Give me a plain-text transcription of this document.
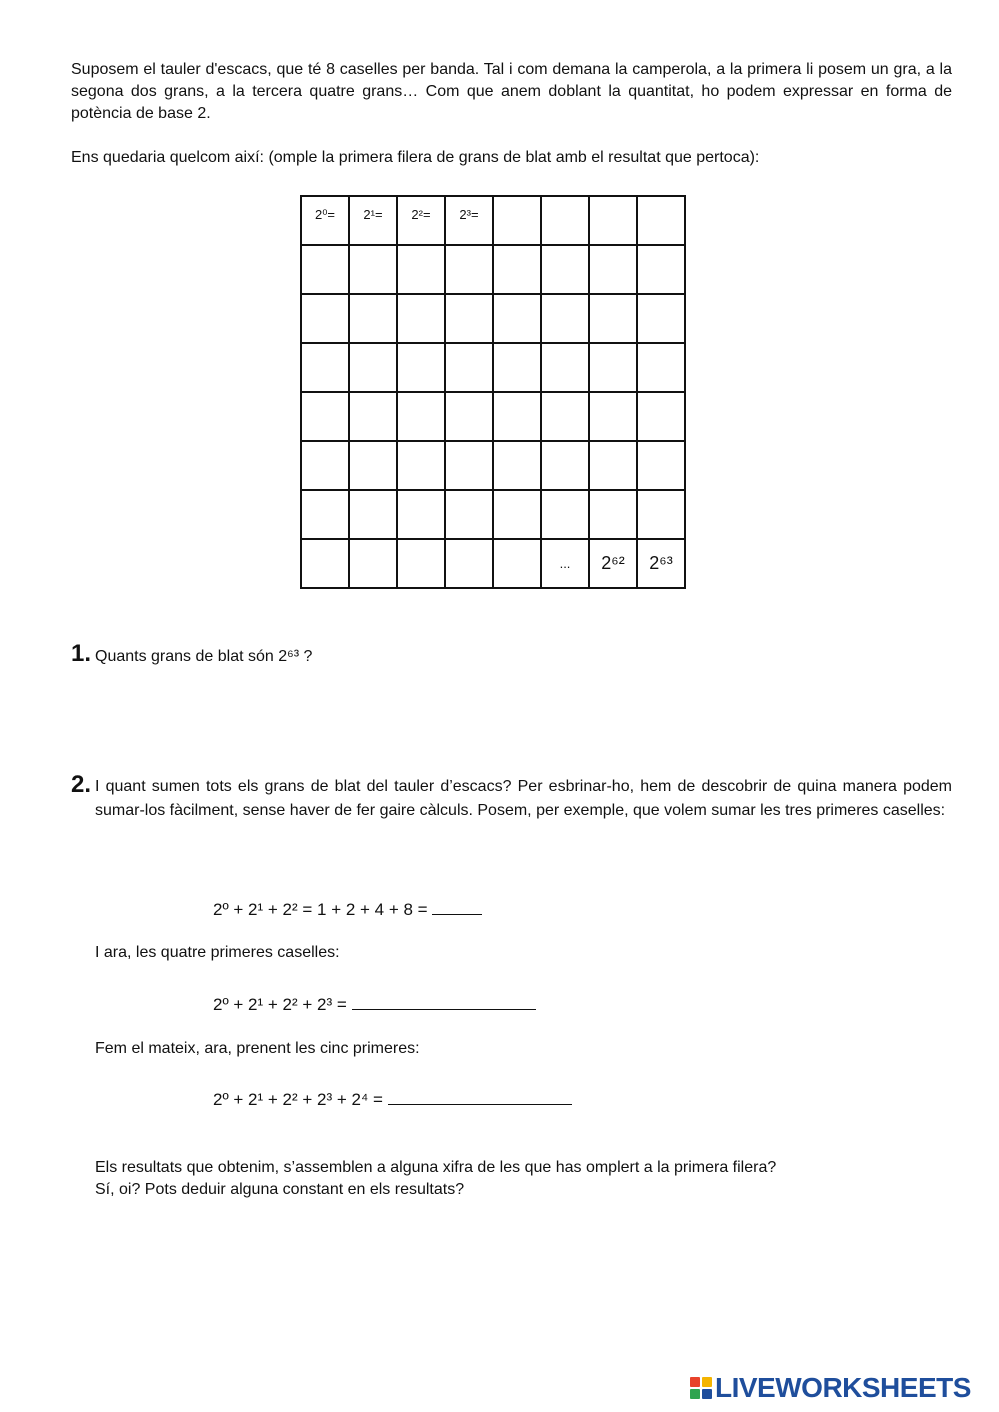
Suposem el tauler d'escacs, que té 8 caselles per banda. Tal i com demana la camperola, a la primera li posem un gra, a la segona dos grans, a la tercera quatre grans… Com que anem doblant la quantitat, ho podem expressar en forma de potència de base 2.

Ens quedaria quelcom així: (omple la primera filera de grans de blat amb el resultat que pertoca):

2⁰=	2¹=	2²=	2³=				

					...	2⁶²	2⁶³
1. Quants grans de blat són 2⁶³ ?

2. I quant sumen tots els grans de blat del tauler d’escacs? Per esbrinar-ho, hem de descobrir de quina manera podem sumar-los fàcilment, sense haver de fer gaire càlculs. Posem, per exemple, que volem sumar les tres primeres caselles:

2º + 2¹ + 2² = 1 + 2 + 4 + 8 =

I ara, les quatre primeres caselles:

2º + 2¹ + 2² + 2³ =

Fem el mateix, ara, prenent les cinc primeres:

2º + 2¹ + 2² + 2³ + 2⁴ =

Els resultats que obtenim, s’assemblen a alguna xifra de les que has omplert a la primera filera?
Sí, oi? Pots deduir alguna constant en els resultats?

LIVEWORKSHEETS
